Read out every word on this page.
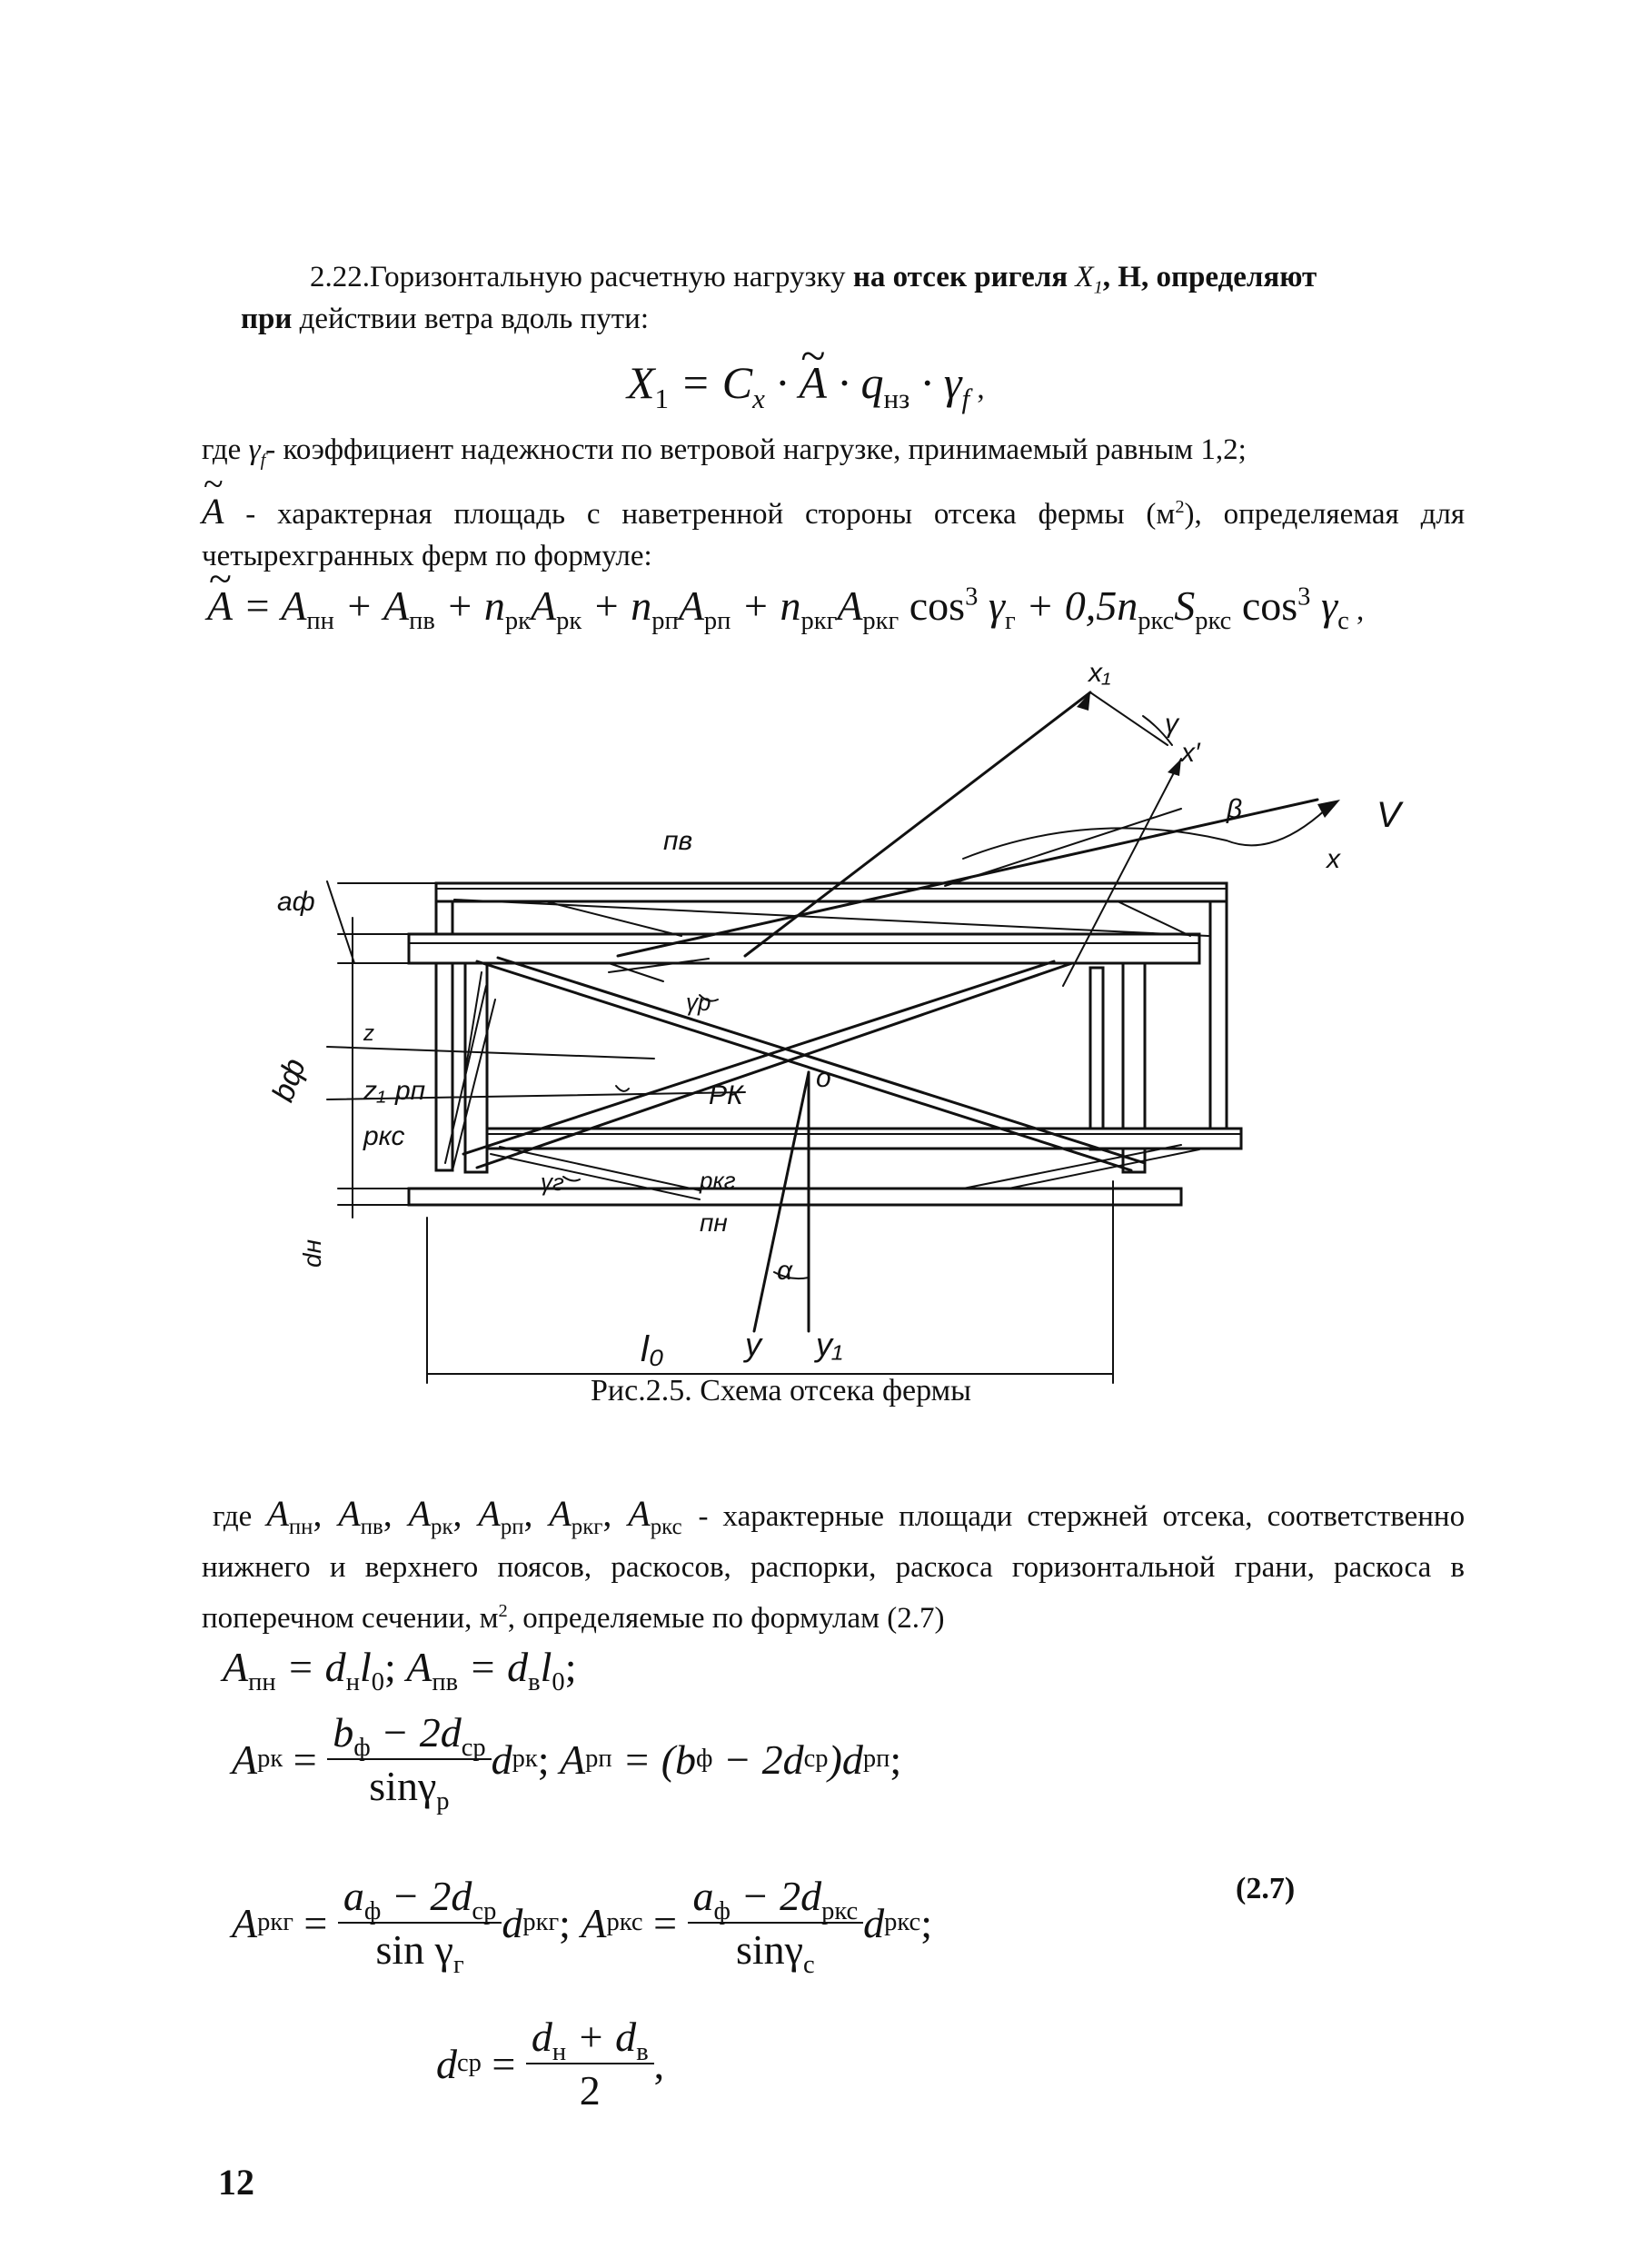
2.22.Горизонтальную расчетную нагрузку на отсек ригеля $X_1$, Н, определяют
при действии ветра вдоль пути:
$X_1 = C_x$ · ~ $A \cdot q_{нз} \cdot \gamma_f$ ,
где $\gamma_f-$ коэффициент надежности по ветровой нагрузке, принимаемый равным 1,2;
~ A - характерная площадь с наветренной стороны отсека фермы $(м^2)$, определяемая для четырехгранных ферм по формуле:
~ $A = A_{пн} + A_{пв} + n_{рк}A_{рк} + n_{рп}A_{рп} + n_{ркг}A_{ркг}$ $\cos^3 \gamma_г + 0,5n_{ркс}S_{ркс}$ $\cos^3 \gamma_с$ ,
x₁
γ
x′
β	V
x
пв
aф
γр
z
z₁ рп	РК
o
bф
ркс
ркг
γг
пн
α
dн
l₀ y y₁
Рис.2.5. Схема отсека фермы
где $A_{пн}$, $A_{пв}$, $A_{рк}$, $A_{рп}$, $A_{ркг}$, $A_{ркс}$ - характерные площади стержней отсека, соответственно нижнего и верхнего поясов, раскосов, распорки, раскоса горизонтальной грани, раскоса в поперечном сечении, $м^2$, определяемые по формулам (2.7)
$A_{пн} = d_нl_0$; $A_{пв} = d_вl_0$;
A рк = $\frac{b_ф - 2d_{ср}}{\sin\gamma_р}$ d рк ; A рп = (b ф − 2d ср )d рп ;
A ркг = $\frac{a_ф - 2d_{ср}}{\sin \gamma_г}$ d ркг ; A ркс = $\frac{a_ф - 2d_{ркс}}{\sin\gamma_с}$ d ркс ;
(2.7)
d ср = $\frac{d_н + d_в}{2}$ ,
12
